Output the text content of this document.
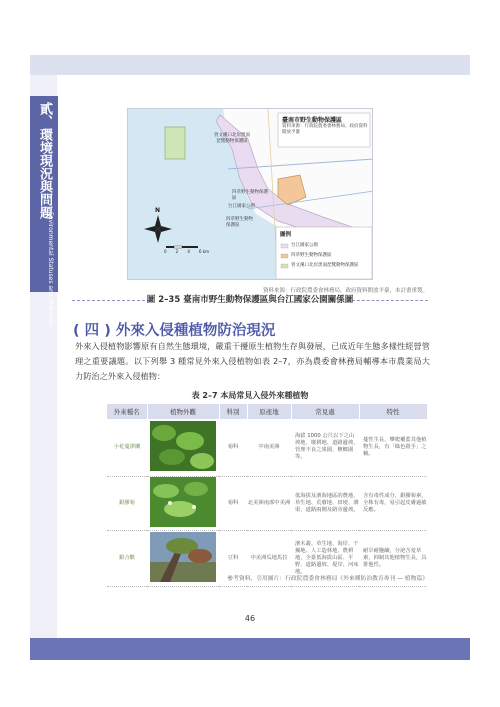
貳、環境現況與問題
Environmental Statuses and Problems
臺南市野生動物保護區
資料來源：行政院農委會林務局、政府資料開放平臺
曾文溪口北岸黑面琵鷺動物保護區
四草野生動物保護區
台江國家公園
四草野生動物保護區
N
0 2 4 6 km
圖例
台江國家公園
四草野生動物保護區
曾文溪口北岸黑面琵鷺動物保護區
資料來源：行政院農委會林務局，政府資料開放平臺，本計畫重製。
圖 2–35 臺南市野生動物保護區與台江國家公園關係圖
( 四 ) 外來入侵種植物防治現況
外來入侵植物影響原有自然生態環境，嚴重干擾原生植物生存與發展，已成近年生態多樣性經營管理之重要議題。以下列舉 3 種常見外來入侵植物如表 2–7，亦為農委會林務局輔導本市農業局大力防治之外來入侵植物：
表 2–7 本局常見入侵外來種植物
外來種名	植物外觀	科別	原產地	常見處	特性
小花蔓澤蘭		菊科	中南美洲	海拔 1000 公尺以下之山坡地、廢耕地、道路邊坡、管理不良之果園、檳榔園等。	蔓性生長，攀爬覆蓋其他植物生長，有「綠色殺手」之稱。
銀膠菊		菊科	北美洲南部中美洲	低海拔及濱海地區的農地、草生地、荒廢地、田埂、溝渠、道路兩側及路旁邊坡。	含有毒性成分，銀膠菊素，全株有毒，易引起皮膚過敏反應。
銀合歡		豆科	中美洲瓜地馬拉	濱木叢、草生地、海岸、干擾地、人工造林地、農耕地，全臺低海拔山區、平野、道路邊坡、堤岸、河床地。	耐旱耐鹽鹼，分泌含羞草素，抑制其他植物生長，具排他性。
參考資料、引用圖片：行政院農委會林務局《外來種防治教育專刊 — 植物篇》
46
